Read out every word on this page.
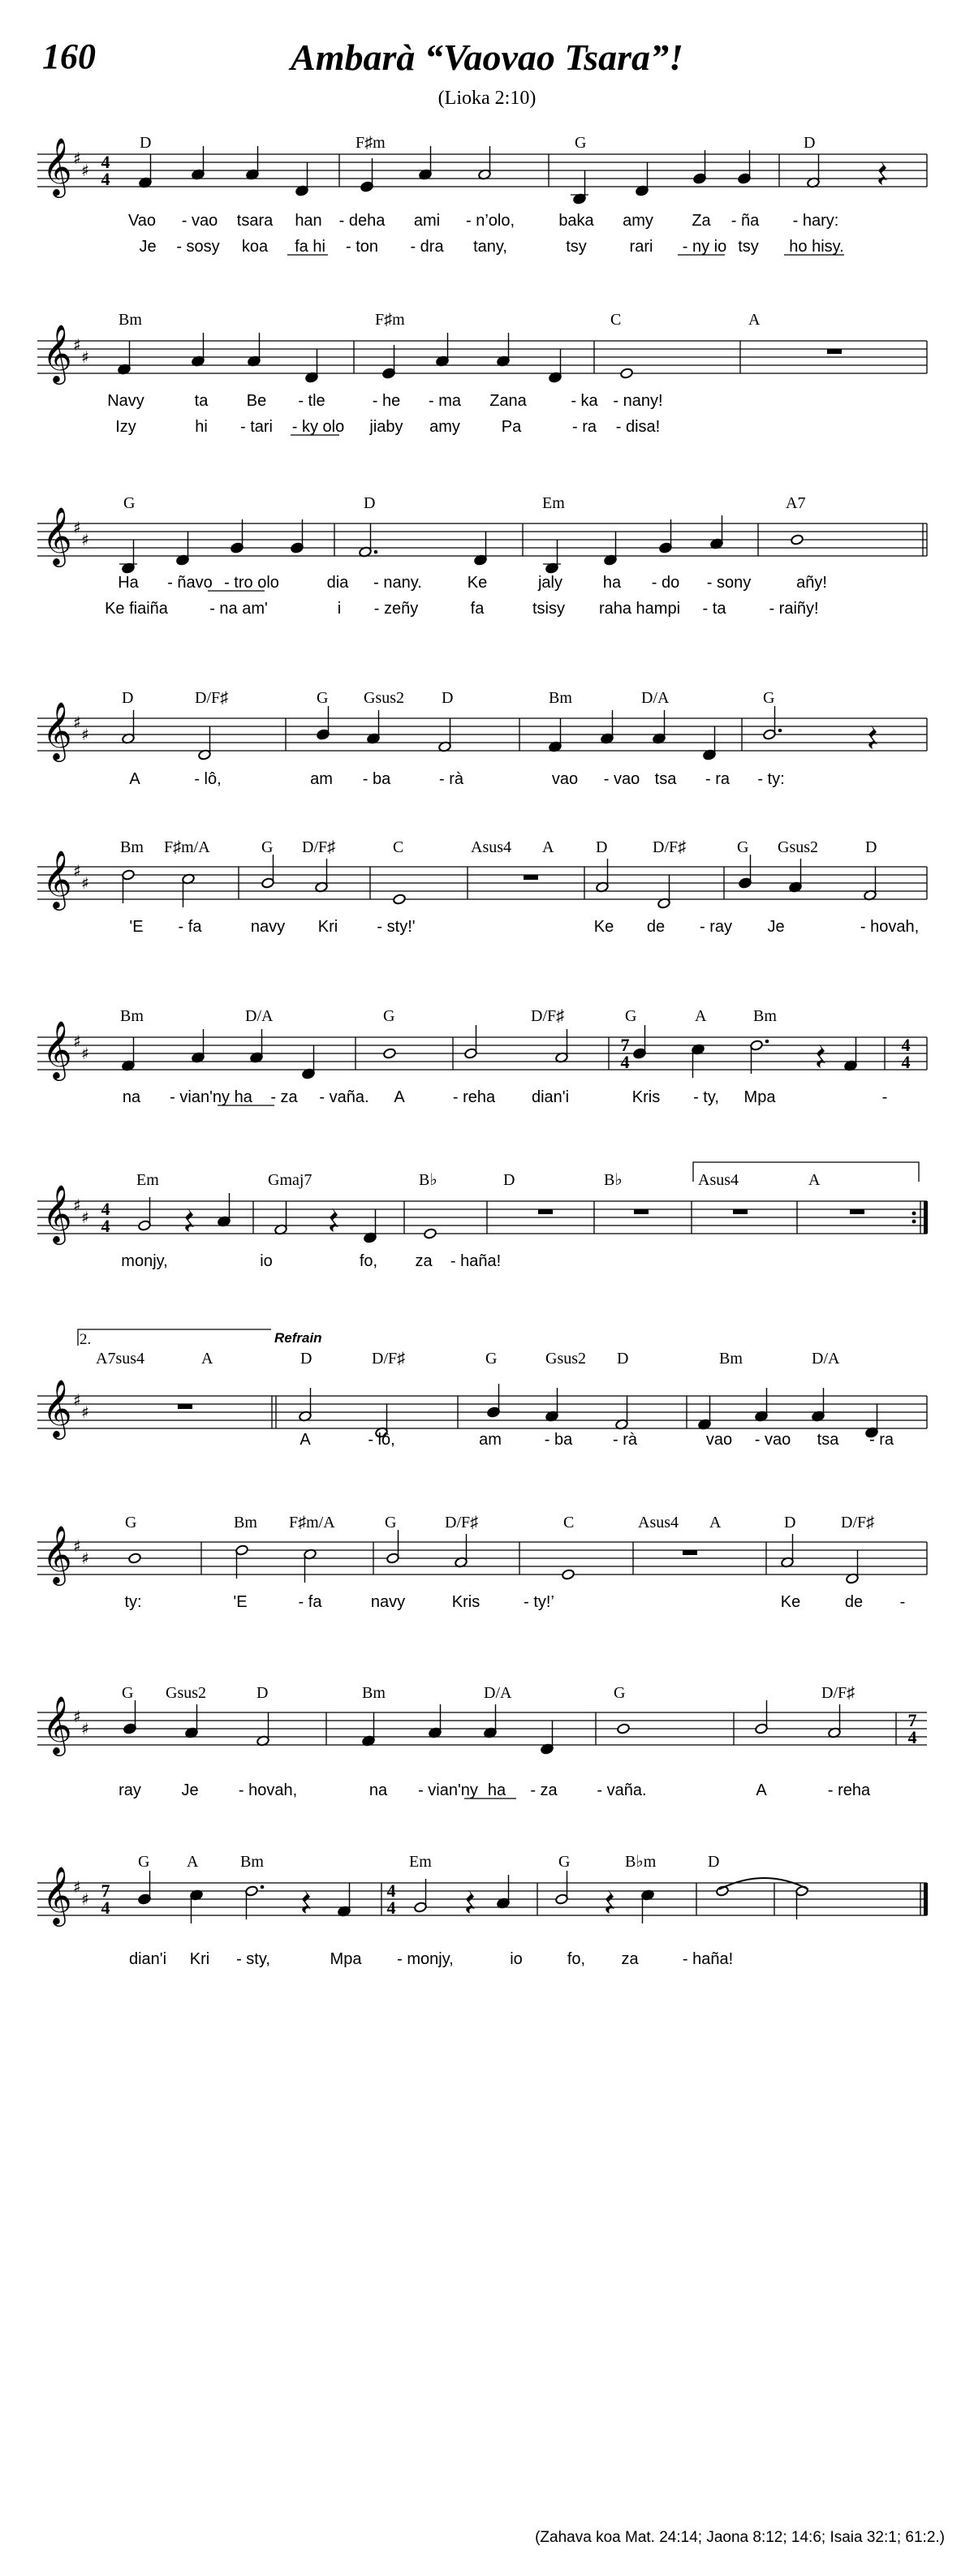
160	Ambarà “Vaovao Tsara”!
(Lioka 2:10)
𝄞 ♯
♯ 4
4
D	F♯m	G	D
Vao - vao tsara han - deha ami - n’olo,	baka amy Za - ña - hary:
Je - sosy koa fa hi - ton - dra tany,	tsy	rari - ny io tsy ho hisy.
𝄞 ♯
♯
Bm	F♯m	C	A
Navy	ta Be - tle	- he - ma Zana	- ka - nany!
Izy	hi - tari - ky olo jiaby amy	Pa	- ra - disa!
𝄞 ♯
♯
G	D	Em	A7
Ha - ñavo - tro olo	dia - nany.	Ke	jaly ha - do - sony	añy!
Ke fiaiña	- na am'	i - zeñy	fa	tsisy raha hampi - ta	- raiñy!
𝄞 ♯
♯
D	D/F♯	G Gsus2 D	Bm	D/A	G
A	- lô,	am - ba	- rà	vao - vao tsa - ra - ty:
𝄞 ♯
♯
Bm F♯m/A	G D/F♯	C	Asus4 A	D	D/F♯	G Gsus2	D
'E - fa	navy Kri - sty!'	Ke de - ray Je	- hovah,
𝄞 ♯
♯
Bm	D/A	G	D/F♯	G	A	Bm
7
4
4
4
na - vian'ny ha - za - vaña. A	- reha dian'i	Kris - ty, Mpa	-
𝄞 ♯
♯ 4
4
Em	Gmaj7	B♭	D	B♭	Asus4	A
monjy,	io	fo, za - haña!
𝄞 ♯
♯
2.	Refrain
A7sus4	A	D	D/F♯	G	Gsus2 D	Bm	D/A
A	- lô,	am	- ba - rà	vao - vao tsa - ra
𝄞 ♯
♯
G	Bm F♯m/A	G	D/F♯	C	Asus4 A	D	D/F♯
ty:	'E	- fa	navy	Kris	- ty!’	Ke	de -
𝄞 ♯
♯
G Gsus2	D	Bm	D/A	G	D/F♯
7
4
ray Je - hovah,	na - vian'ny ha - za - vaña.	A	- reha
𝄞 ♯
♯ 7
4
G A	Bm	Em	G	B♭m	D
4
4
dian'i Kri - sty,	Mpa - monjy,	io	fo, za	- haña!
(Zahava koa Mat. 24:14; Jaona 8:12; 14:6; Isaia 32:1; 61:2.)
